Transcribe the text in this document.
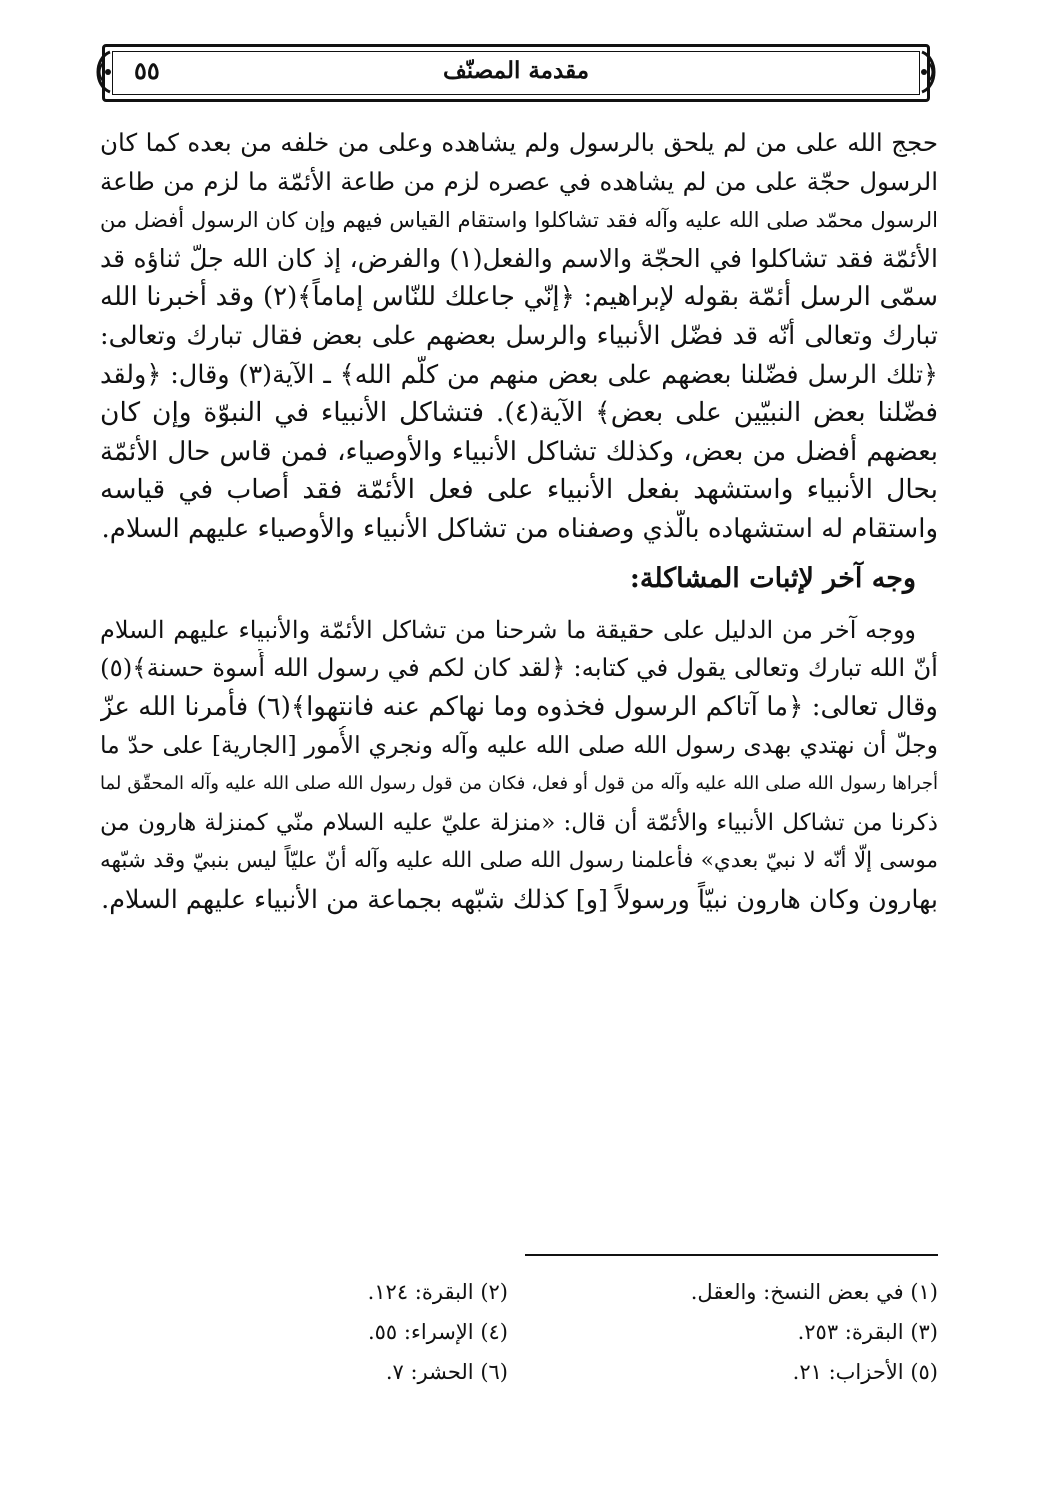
مقدمة المصنّف
٥٥
حجج الله على من لم يلحق بالرسول ولم يشاهده وعلى من خلفه من بعده كما كان
الرسول حجّة على من لم يشاهده في عصره لزم من طاعة الأئمّة ما لزم من طاعة
الرسول محمّد صلى الله عليه وآله فقد تشاكلوا واستقام القياس فيهم وإن كان الرسول أفضل من
الأئمّة فقد تشاكلوا في الحجّة والاسم والفعل(١) والفرض، إذ كان الله جلّ ثناؤه قد
سمّى الرسل أئمّة بقوله لإبراهيم: ﴿إنّي جاعلك للنّاس إماماً﴾(٢) وقد أخبرنا الله
تبارك وتعالى أنّه قد فضّل الأنبياء والرسل بعضهم على بعض فقال تبارك وتعالى:
﴿تلك الرسل فضّلنا بعضهم على بعض منهم من كلّم الله﴾ ـ الآية(٣) وقال: ﴿ولقد
فضّلنا بعض النبيّين على بعض﴾ الآية(٤). فتشاكل الأنبياء في النبوّة وإن كان
بعضهم أفضل من بعض، وكذلك تشاكل الأنبياء والأوصياء، فمن قاس حال الأئمّة
بحال الأنبياء واستشهد بفعل الأنبياء على فعل الأئمّة فقد أصاب في قياسه
واستقام له استشهاده بالّذي وصفناه من تشاكل الأنبياء والأوصياء عليهم السلام.
وجه آخر لإثبات المشاكلة:
ووجه آخر من الدليل على حقيقة ما شرحنا من تشاكل الأئمّة والأنبياء عليهم السلام
أنّ الله تبارك وتعالى يقول في كتابه: ﴿لقد كان لكم في رسول الله أُسوة حسنة﴾(٥)
وقال تعالى: ﴿ما آتاكم الرسول فخذوه وما نهاكم عنه فانتهوا﴾(٦) فأمرنا الله عزّ
وجلّ أن نهتدي بهدى رسول الله صلى الله عليه وآله ونجري الأُمور [الجارية] على حدّ ما
أجراها رسول الله صلى الله عليه وآله من قول أو فعل، فكان من قول رسول الله صلى الله عليه وآله المحقّق لما
ذكرنا من تشاكل الأنبياء والأئمّة أن قال: «منزلة عليّ عليه السلام منّي كمنزلة هارون من
موسى إلّا أنّه لا نبيّ بعدي» فأعلمنا رسول الله صلى الله عليه وآله أنّ عليّاً ليس بنبيّ وقد شبّهه
بهارون وكان هارون نبيّاً ورسولاً [و] كذلك شبّهه بجماعة من الأنبياء عليهم السلام.
(١) في بعض النسخ: والعقل.
(٢) البقرة: ١٢٤.
(٣) البقرة: ٢٥٣.
(٤) الإسراء: ٥٥.
(٥) الأحزاب: ٢١.
(٦) الحشر: ٧.
